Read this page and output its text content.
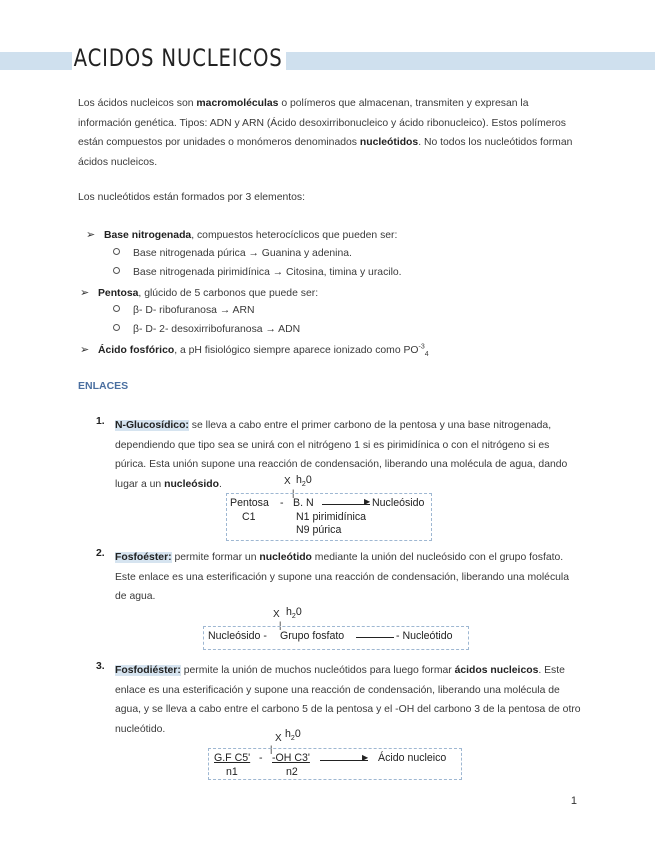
ACIDOS NUCLEICOS
Los ácidos nucleicos son macromoléculas o polímeros que almacenan, transmiten y expresan la información genética. Tipos: ADN y ARN (Ácido desoxirribonucleico y ácido ribonucleico). Estos polímeros están compuestos por unidades o monómeros denominados nucleótidos. No todos los nucleótidos forman ácidos nucleicos.
Los nucleótidos están formados por 3 elementos:
➢ Base nitrogenada, compuestos heterocíclicos que pueden ser:
Base nitrogenada púrica → Guanina y adenina.
Base nitrogenada pirimidínica → Citosina, timina y uracilo.
➢ Pentosa, glúcido de 5 carbonos que puede ser:
β- D- ribofuranosa → ARN
β- D- 2- desoxirribofuranosa → ADN
➢ Ácido fosfórico, a pH fisiológico siempre aparece ionizado como $PO^{-3}_4$
ENLACES
1. N-Glucosídico: se lleva a cabo entre el primer carbono de la pentosa y una base nitrogenada, dependiendo que tipo sea se unirá con el nitrógeno 1 si es pirimidínica o con el nitrógeno si es púrica. Esta unión supone una reacción de condensación, liberando una molécula de agua, dando lugar a un nucleósido.	X $h_20$
|
Pentosa - B. N	▶ Nucleósido
C1	N1 pirimidínica
N9 púrica
2. Fosfoéster: permite formar un nucleótido mediante la unión del nucleósido con el grupo fosfato. Este enlace es una esterificación y supone una reacción de condensación, liberando una molécula de agua.
X $h_20$
|
Nucleósido - Grupo fosfato	- Nucleótido
3. Fosfodiéster: permite la unión de muchos nucleótidos para luego formar ácidos nucleicos. Este enlace es una esterificación y supone una reacción de condensación, liberando una molécula de agua, y se lleva a cabo entre el carbono 5 de la pentosa y el -OH del carbono 3 de la pentosa de otro nucleótido.
X $h_20$
|
G.F C5' - -OH C3'	▶ Ácido nucleico
n1	n2
1
